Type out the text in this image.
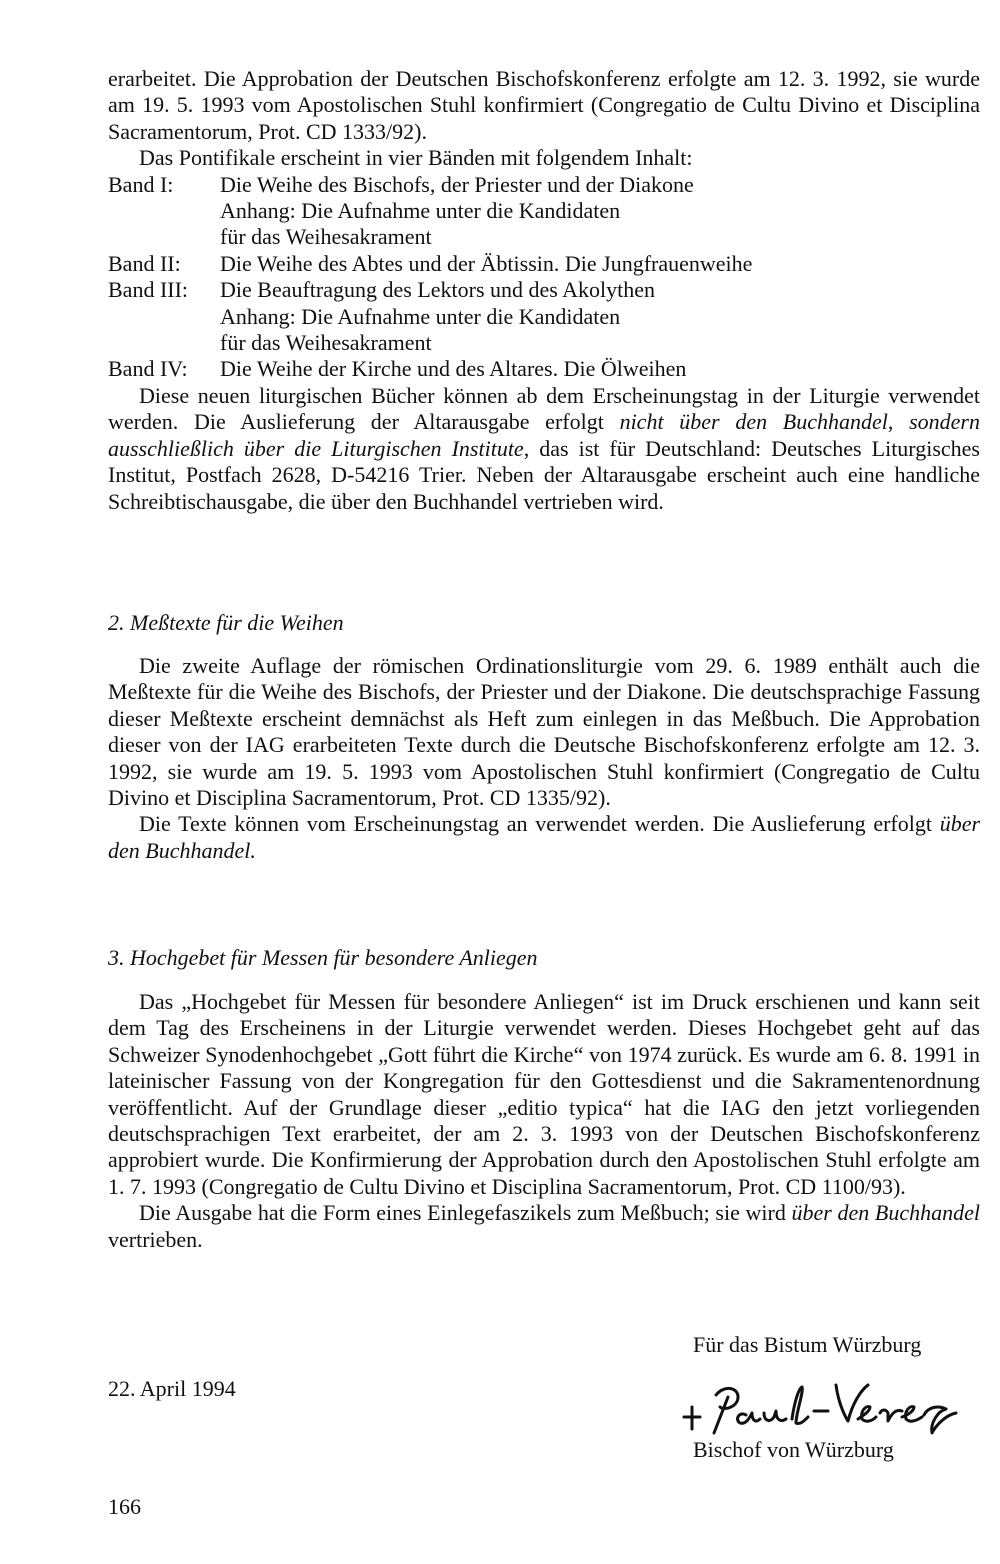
erarbeitet. Die Approbation der Deutschen Bischofskonferenz erfolgte am 12. 3. 1992, sie wurde am 19. 5. 1993 vom Apostolischen Stuhl konfirmiert (Congregatio de Cultu Divino et Disciplina Sacramentorum, Prot. CD 1333/92).

Das Pontifikale erscheint in vier Bänden mit folgendem Inhalt:

Band I:	Die Weihe des Bischofs, der Priester und der Diakone
Anhang: Die Aufnahme unter die Kandidaten
für das Weihesakrament
Band II:	Die Weihe des Abtes und der Äbtissin. Die Jungfrauenweihe
Band III:	Die Beauftragung des Lektors und des Akolythen
Anhang: Die Aufnahme unter die Kandidaten
für das Weihesakrament
Band IV:	Die Weihe der Kirche und des Altares. Die Ölweihen

Diese neuen liturgischen Bücher können ab dem Erscheinungstag in der Liturgie verwendet werden. Die Auslieferung der Altarausgabe erfolgt nicht über den Buchhandel, sondern ausschließlich über die Liturgischen Institute, das ist für Deutschland: Deutsches Liturgisches Institut, Postfach 2628, D-54216 Trier. Neben der Altarausgabe erscheint auch eine handliche Schreibtischausgabe, die über den Buchhandel vertrieben wird.

2. Meßtexte für die Weihen

Die zweite Auflage der römischen Ordinationsliturgie vom 29. 6. 1989 enthält auch die Meßtexte für die Weihe des Bischofs, der Priester und der Diakone. Die deutschsprachige Fassung dieser Meßtexte erscheint demnächst als Heft zum einlegen in das Meßbuch. Die Approbation dieser von der IAG erarbeiteten Texte durch die Deutsche Bischofskonferenz erfolgte am 12. 3. 1992, sie wurde am 19. 5. 1993 vom Apostolischen Stuhl konfirmiert (Congregatio de Cultu Divino et Disciplina Sacramentorum, Prot. CD 1335/92).

Die Texte können vom Erscheinungstag an verwendet werden. Die Auslieferung erfolgt über den Buchhandel.

3. Hochgebet für Messen für besondere Anliegen

Das „Hochgebet für Messen für besondere Anliegen“ ist im Druck erschienen und kann seit dem Tag des Erscheinens in der Liturgie verwendet werden. Dieses Hochgebet geht auf das Schweizer Synodenhochgebet „Gott führt die Kirche“ von 1974 zurück. Es wurde am 6. 8. 1991 in lateinischer Fassung von der Kongregation für den Gottesdienst und die Sakramentenordnung veröffentlicht. Auf der Grundlage dieser „editio typica“ hat die IAG den jetzt vorliegenden deutschsprachigen Text erarbeitet, der am 2. 3. 1993 von der Deutschen Bischofskonferenz approbiert wurde. Die Konfirmierung der Approbation durch den Apostolischen Stuhl erfolgte am 1. 7. 1993 (Congregatio de Cultu Divino et Disciplina Sacramentorum, Prot. CD 1100/93).

Die Ausgabe hat die Form eines Einlegefaszikels zum Meßbuch; sie wird über den Buchhandel vertrieben.

Für das Bistum Würzburg
22. April 1994
Bischof von Würzburg
166
